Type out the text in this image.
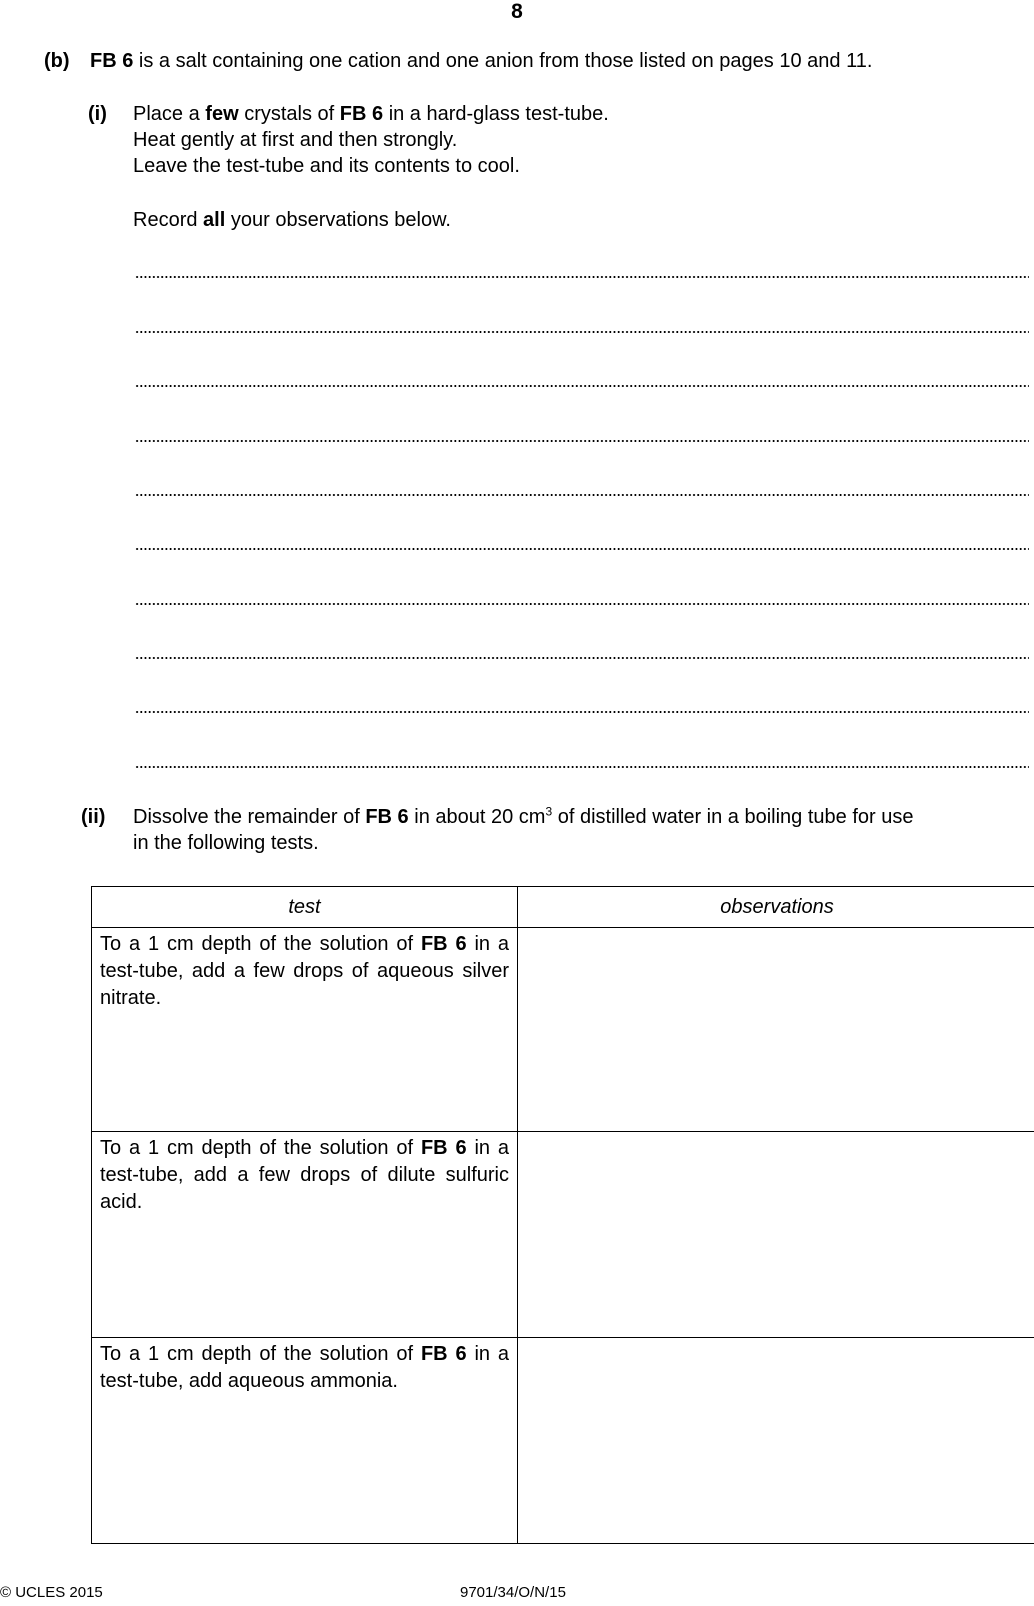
8
(b) FB 6 is a salt containing one cation and one anion from those listed on pages 10 and 11.
(i) Place a few crystals of FB 6 in a hard-glass test-tube.
Heat gently at first and then strongly.
Leave the test-tube and its contents to cool.
Record all your observations below.
(ii) Dissolve the remainder of FB 6 in about 20 $cm^3$ of distilled water in a boiling tube for use
in the following tests.
test	observations
To a 1 cm depth of the solution of FB 6 in a test-tube, add a few drops of aqueous silver nitrate.	
To a 1 cm depth of the solution of FB 6 in a test-tube, add a few drops of dilute sulfuric acid.	
To a 1 cm depth of the solution of FB 6 in a test-tube, add aqueous ammonia.	
© UCLES 2015	9701/34/O/N/15
